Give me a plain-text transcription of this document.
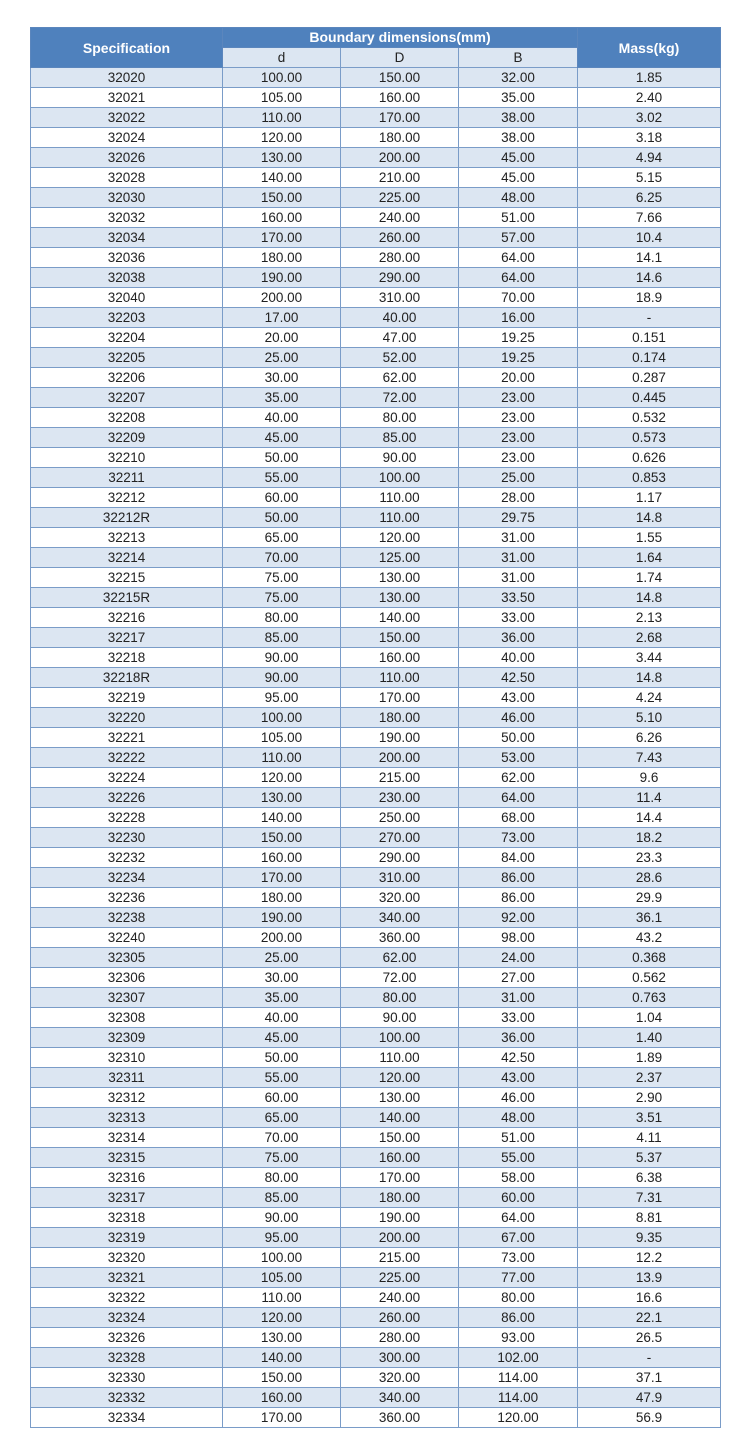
Specification	Boundary dimensions(mm)			Mass(kg)
	d	D	B	
32020	100.00	150.00	32.00	1.85
32021	105.00	160.00	35.00	2.40
32022	110.00	170.00	38.00	3.02
32024	120.00	180.00	38.00	3.18
32026	130.00	200.00	45.00	4.94
32028	140.00	210.00	45.00	5.15
32030	150.00	225.00	48.00	6.25
32032	160.00	240.00	51.00	7.66
32034	170.00	260.00	57.00	10.4
32036	180.00	280.00	64.00	14.1
32038	190.00	290.00	64.00	14.6
32040	200.00	310.00	70.00	18.9
32203	17.00	40.00	16.00	-
32204	20.00	47.00	19.25	0.151
32205	25.00	52.00	19.25	0.174
32206	30.00	62.00	20.00	0.287
32207	35.00	72.00	23.00	0.445
32208	40.00	80.00	23.00	0.532
32209	45.00	85.00	23.00	0.573
32210	50.00	90.00	23.00	0.626
32211	55.00	100.00	25.00	0.853
32212	60.00	110.00	28.00	1.17
32212R	50.00	110.00	29.75	14.8
32213	65.00	120.00	31.00	1.55
32214	70.00	125.00	31.00	1.64
32215	75.00	130.00	31.00	1.74
32215R	75.00	130.00	33.50	14.8
32216	80.00	140.00	33.00	2.13
32217	85.00	150.00	36.00	2.68
32218	90.00	160.00	40.00	3.44
32218R	90.00	110.00	42.50	14.8
32219	95.00	170.00	43.00	4.24
32220	100.00	180.00	46.00	5.10
32221	105.00	190.00	50.00	6.26
32222	110.00	200.00	53.00	7.43
32224	120.00	215.00	62.00	9.6
32226	130.00	230.00	64.00	11.4
32228	140.00	250.00	68.00	14.4
32230	150.00	270.00	73.00	18.2
32232	160.00	290.00	84.00	23.3
32234	170.00	310.00	86.00	28.6
32236	180.00	320.00	86.00	29.9
32238	190.00	340.00	92.00	36.1
32240	200.00	360.00	98.00	43.2
32305	25.00	62.00	24.00	0.368
32306	30.00	72.00	27.00	0.562
32307	35.00	80.00	31.00	0.763
32308	40.00	90.00	33.00	1.04
32309	45.00	100.00	36.00	1.40
32310	50.00	110.00	42.50	1.89
32311	55.00	120.00	43.00	2.37
32312	60.00	130.00	46.00	2.90
32313	65.00	140.00	48.00	3.51
32314	70.00	150.00	51.00	4.11
32315	75.00	160.00	55.00	5.37
32316	80.00	170.00	58.00	6.38
32317	85.00	180.00	60.00	7.31
32318	90.00	190.00	64.00	8.81
32319	95.00	200.00	67.00	9.35
32320	100.00	215.00	73.00	12.2
32321	105.00	225.00	77.00	13.9
32322	110.00	240.00	80.00	16.6
32324	120.00	260.00	86.00	22.1
32326	130.00	280.00	93.00	26.5
32328	140.00	300.00	102.00	-
32330	150.00	320.00	114.00	37.1
32332	160.00	340.00	114.00	47.9
32334	170.00	360.00	120.00	56.9
